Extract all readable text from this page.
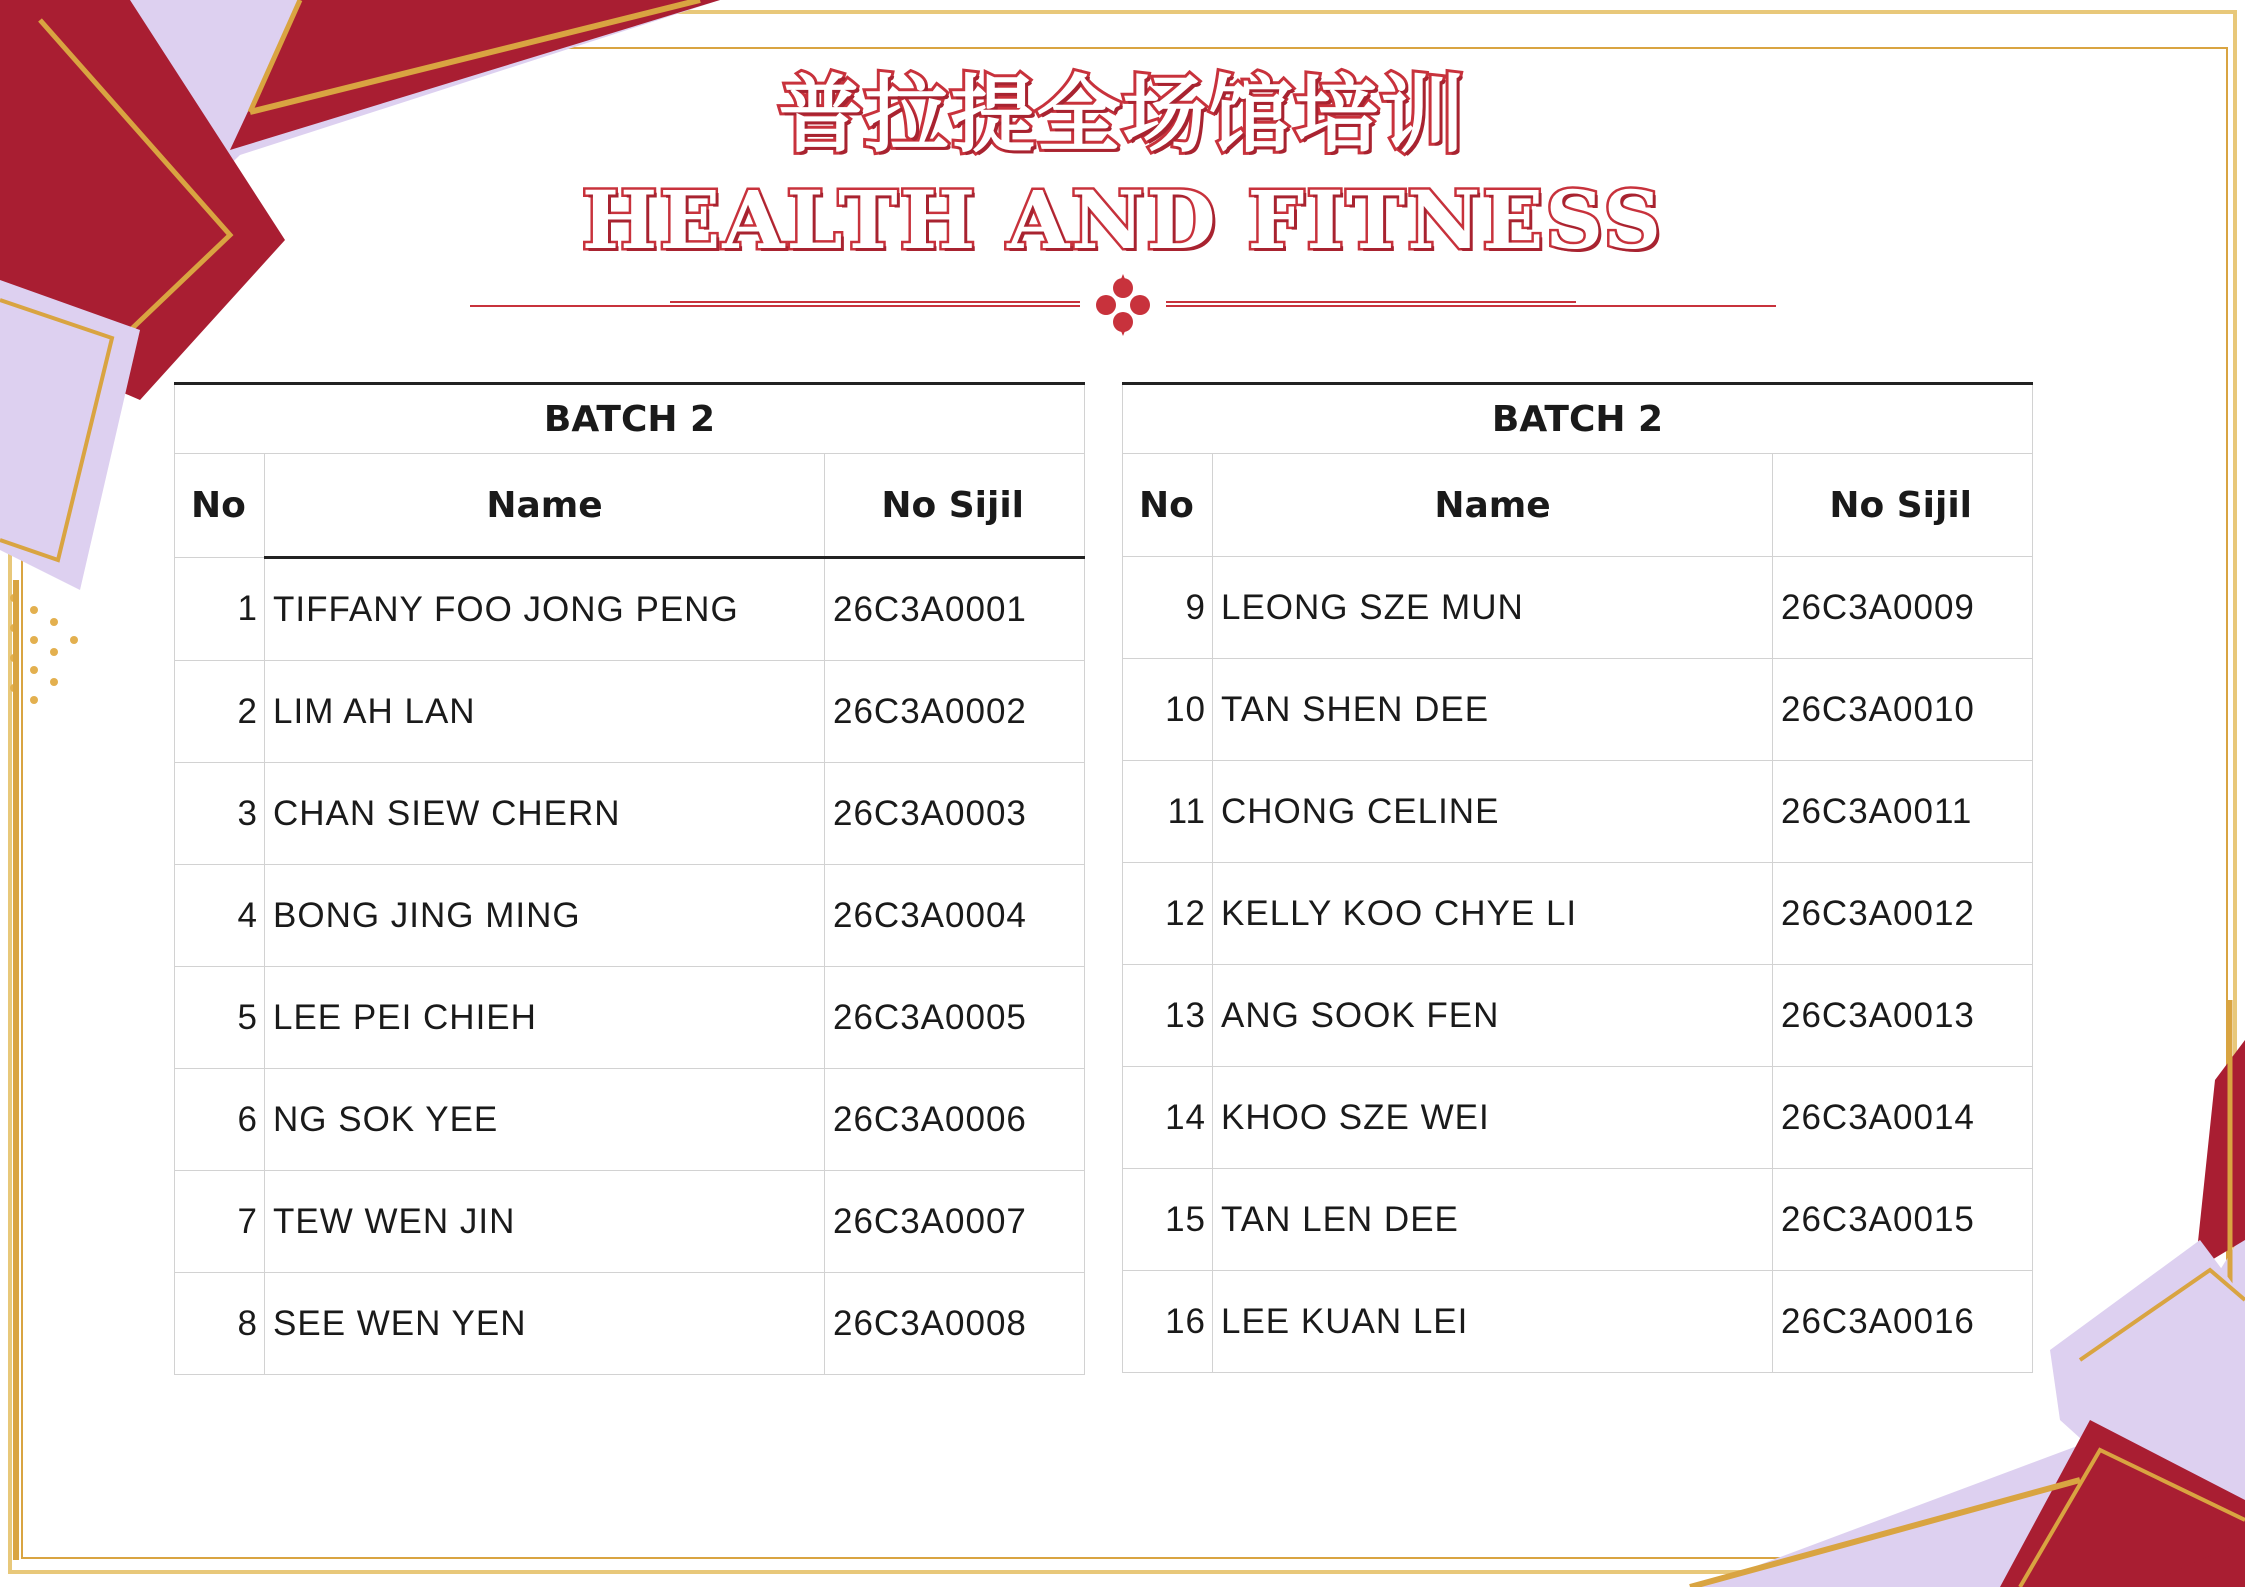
普拉提全场馆培训
HEALTH AND FITNESS
BATCH 2		
No	Name	No Sijil
1	TIFFANY FOO JONG PENG	26C3A0001
2	LIM AH LAN	26C3A0002
3	CHAN SIEW CHERN	26C3A0003
4	BONG JING MING	26C3A0004
5	LEE PEI CHIEH	26C3A0005
6	NG SOK YEE	26C3A0006
7	TEW WEN JIN	26C3A0007
8	SEE WEN YEN	26C3A0008
BATCH 2		
No	Name	No Sijil
9	LEONG SZE MUN	26C3A0009
10	TAN SHEN DEE	26C3A0010
11	CHONG CELINE	26C3A0011
12	KELLY KOO CHYE LI	26C3A0012
13	ANG SOOK FEN	26C3A0013
14	KHOO SZE WEI	26C3A0014
15	TAN LEN DEE	26C3A0015
16	LEE KUAN LEI	26C3A0016
